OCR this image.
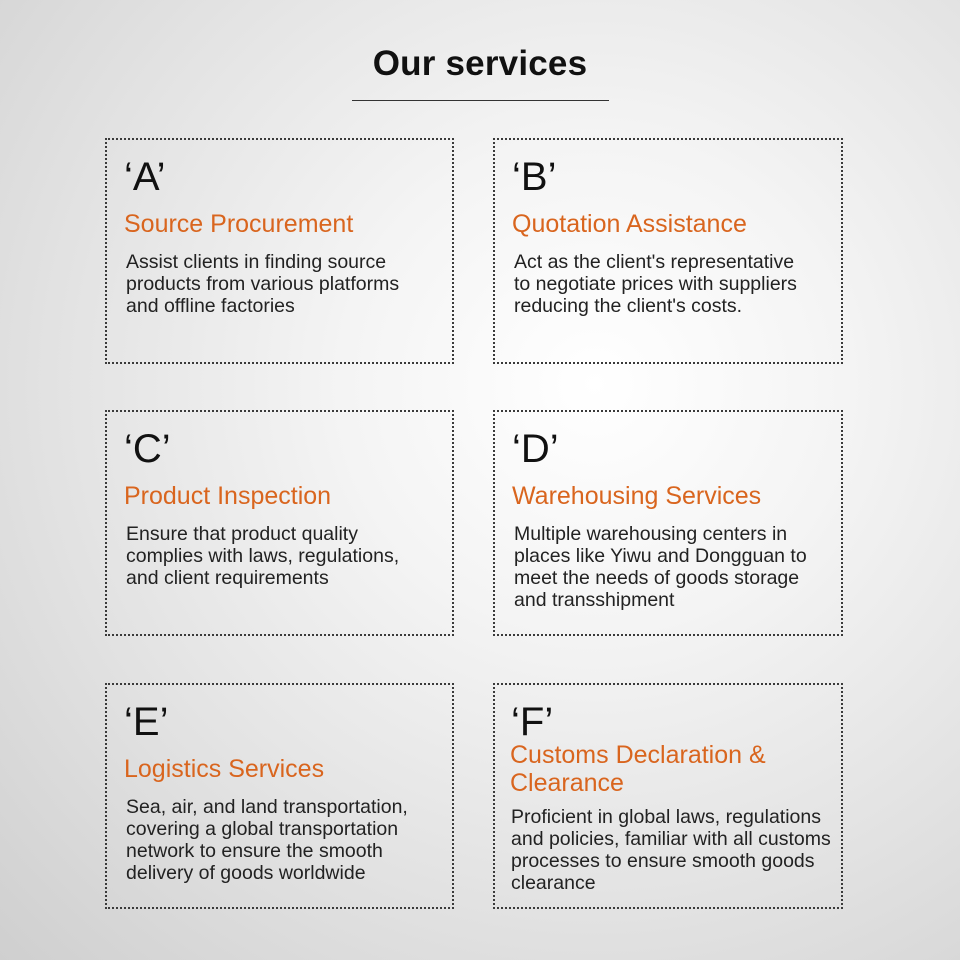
Our services
‘A’
Source Procurement
Assist clients in finding source
products from various platforms
and offline factories
‘B’
Quotation Assistance
Act as the client's representative
to negotiate prices with suppliers
reducing the client's costs.
‘C’
Product Inspection
Ensure that product quality
complies with laws, regulations,
and client requirements
‘D’
Warehousing Services
Multiple warehousing centers in
places like Yiwu and Dongguan to
meet the needs of goods storage
and transshipment
‘E’
Logistics Services
Sea, air, and land transportation,
covering a global transportation
network to ensure the smooth
delivery of goods worldwide
‘F’
Customs Declaration &
Clearance
Proficient in global laws, regulations
and policies, familiar with all customs
processes to ensure smooth goods
clearance
